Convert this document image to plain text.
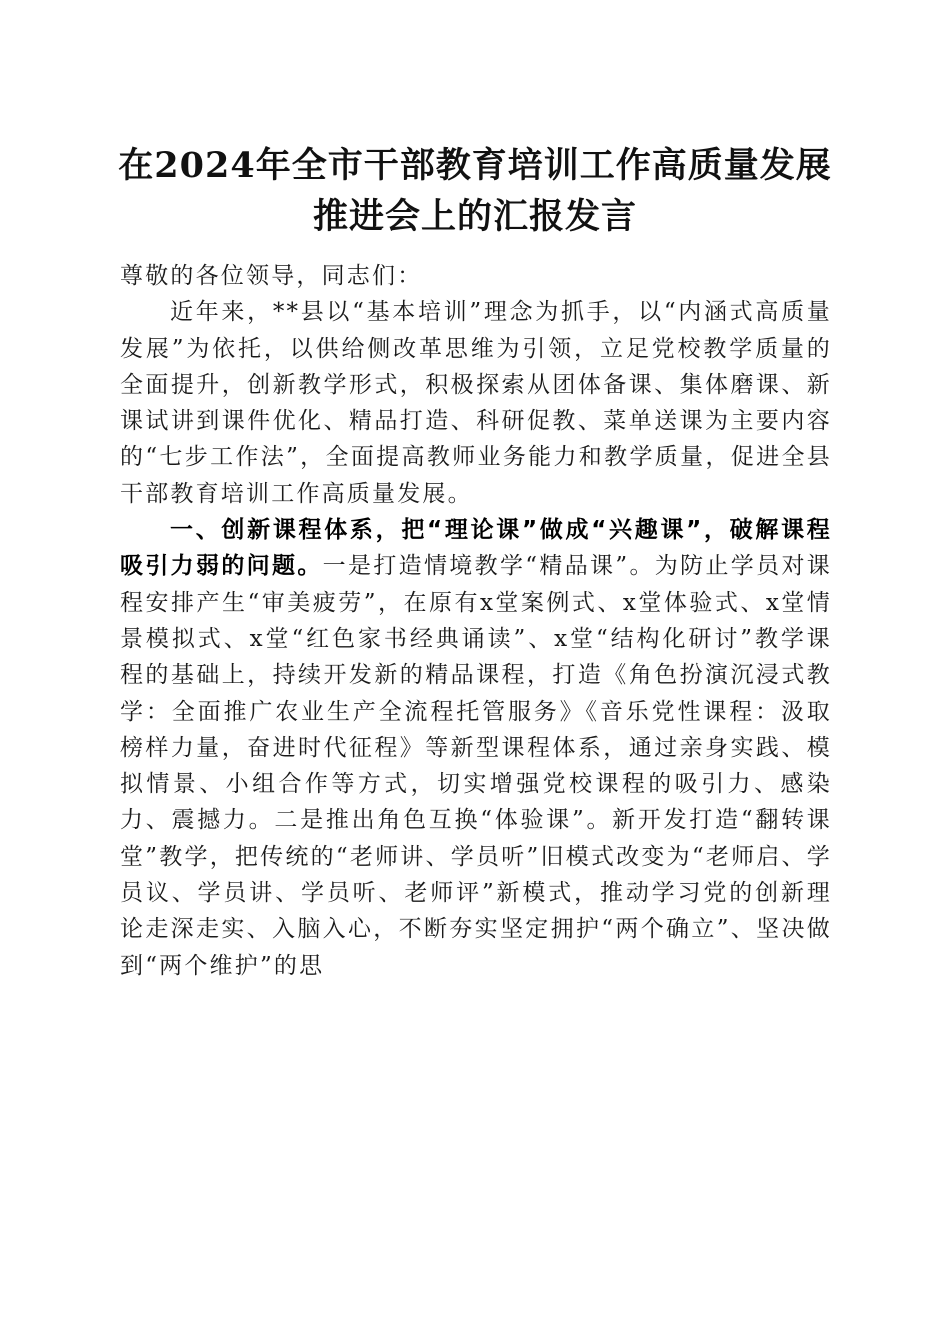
在2024年全市干部教育培训工作高质量发展
推进会上的汇报发言

尊敬的各位领导，同志们：

近年来，**县以“基本培训”理念为抓手，以“内涵式高质量发展”为依托，以供给侧改革思维为引领，立足党校教学质量的全面提升，创新教学形式，积极探索从团体备课、集体磨课、新课试讲到课件优化、精品打造、科研促教、菜单送课为主要内容的“七步工作法”，全面提高教师业务能力和教学质量，促进全县干部教育培训工作高质量发展。

一、创新课程体系，把“理论课”做成“兴趣课”，破解课程吸引力弱的问题。一是打造情境教学“精品课”。为防止学员对课程安排产生“审美疲劳”，在原有x堂案例式、x堂体验式、x堂情景模拟式、x堂“红色家书经典诵读”、x堂“结构化研讨”教学课程的基础上，持续开发新的精品课程，打造《角色扮演沉浸式教学：全面推广农业生产全流程托管服务》《音乐党性课程：汲取榜样力量，奋进时代征程》等新型课程体系，通过亲身实践、模拟情景、小组合作等方式，切实增强党校课程的吸引力、感染力、震撼力。二是推出角色互换“体验课”。新开发打造“翻转课堂”教学，把传统的“老师讲、学员听”旧模式改变为“老师启、学员议、学员讲、学员听、老师评”新模式，推动学习党的创新理论走深走实、入脑入心，不断夯实坚定拥护“两个确立”、坚决做到“两个维护”的思
